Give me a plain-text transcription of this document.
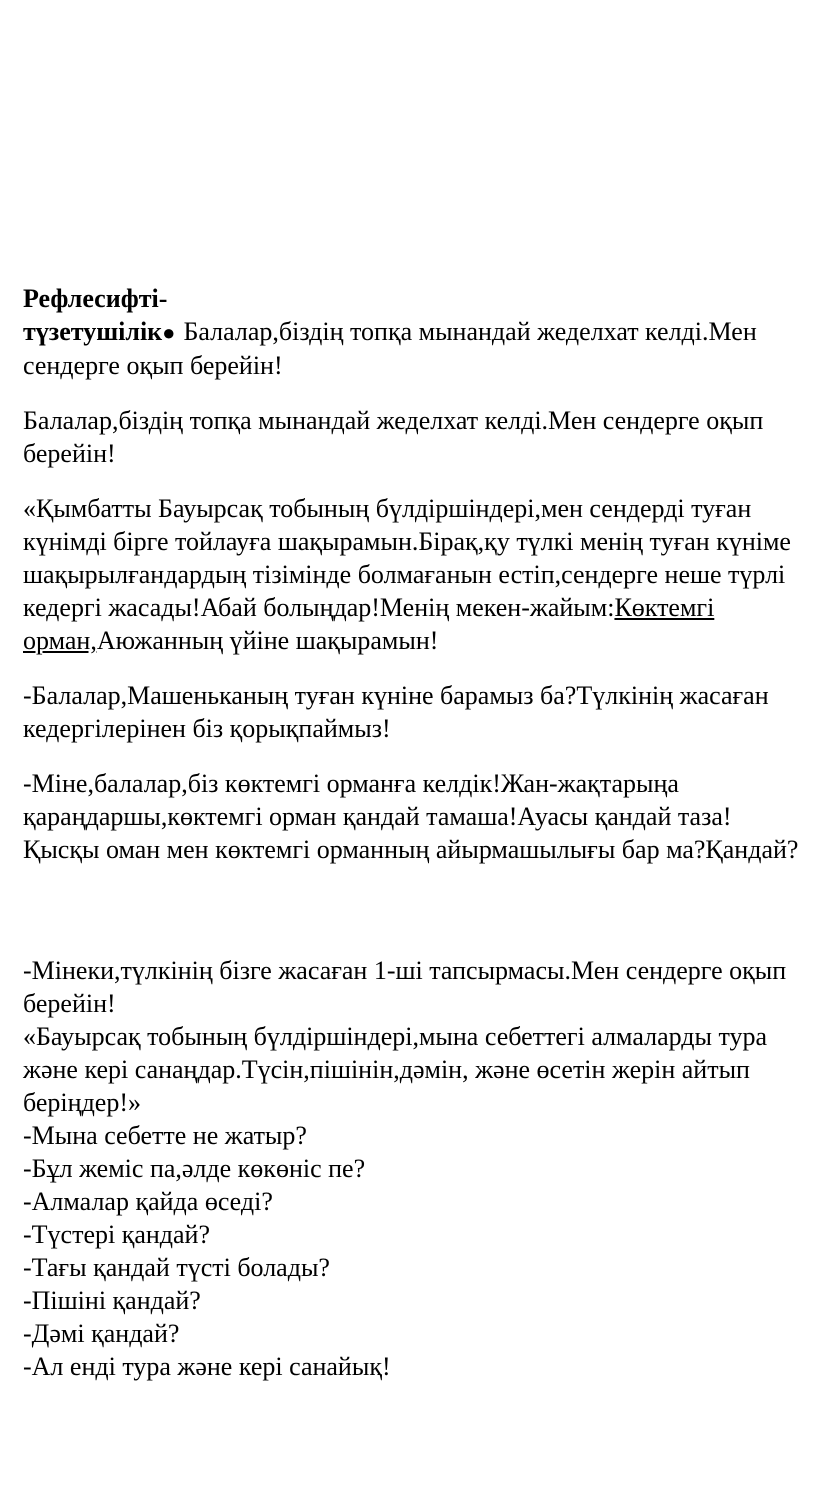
Рефлесифті-
түзетушілік● Балалар,біздің топқа мынандай жеделхат келді.Мен сендерге оқып берейін!

Балалар,біздің топқа мынандай жеделхат келді.Мен сендерге оқып берейін!

«Қымбатты Бауырсақ тобының бүлдіршіндері,мен сендерді туған күнімді бірге тойлауға шақырамын.Бірақ,қу түлкі менің туған күніме шақырылғандардың тізімінде болмағанын естіп,сендерге неше түрлі кедергі жасады!Абай болыңдар!Менің мекен-жайым:Көктемгі орман,Аюжанның үйіне шақырамын!

-Балалар,Машеньканың туған күніне барамыз ба?Түлкінің жасаған кедергілерінен біз қорықпаймыз!

-Міне,балалар,біз көктемгі орманға келдік!Жан-жақтарыңа қараңдаршы,көктемгі орман қандай тамаша!Ауасы қандай таза!Қысқы оман мен көктемгі орманның айырмашылығы бар ма?Қандай?

-Мінеки,түлкінің бізге жасаған 1-ші тапсырмасы.Мен сендерге оқып берейін!

«Бауырсақ тобының бүлдіршіндері,мына себеттегі алмаларды тура және кері санаңдар.Түсін,пішінін,дәмін, және өсетін жерін айтып беріңдер!»

-Мына себетте не жатыр?

-Бұл жеміс па,әлде көкөніс пе?

-Алмалар қайда өседі?

-Түстері қандай?

-Тағы қандай түсті болады?

-Пішіні қандай?

-Дәмі қандай?

-Ал енді тура және кері санайық!
